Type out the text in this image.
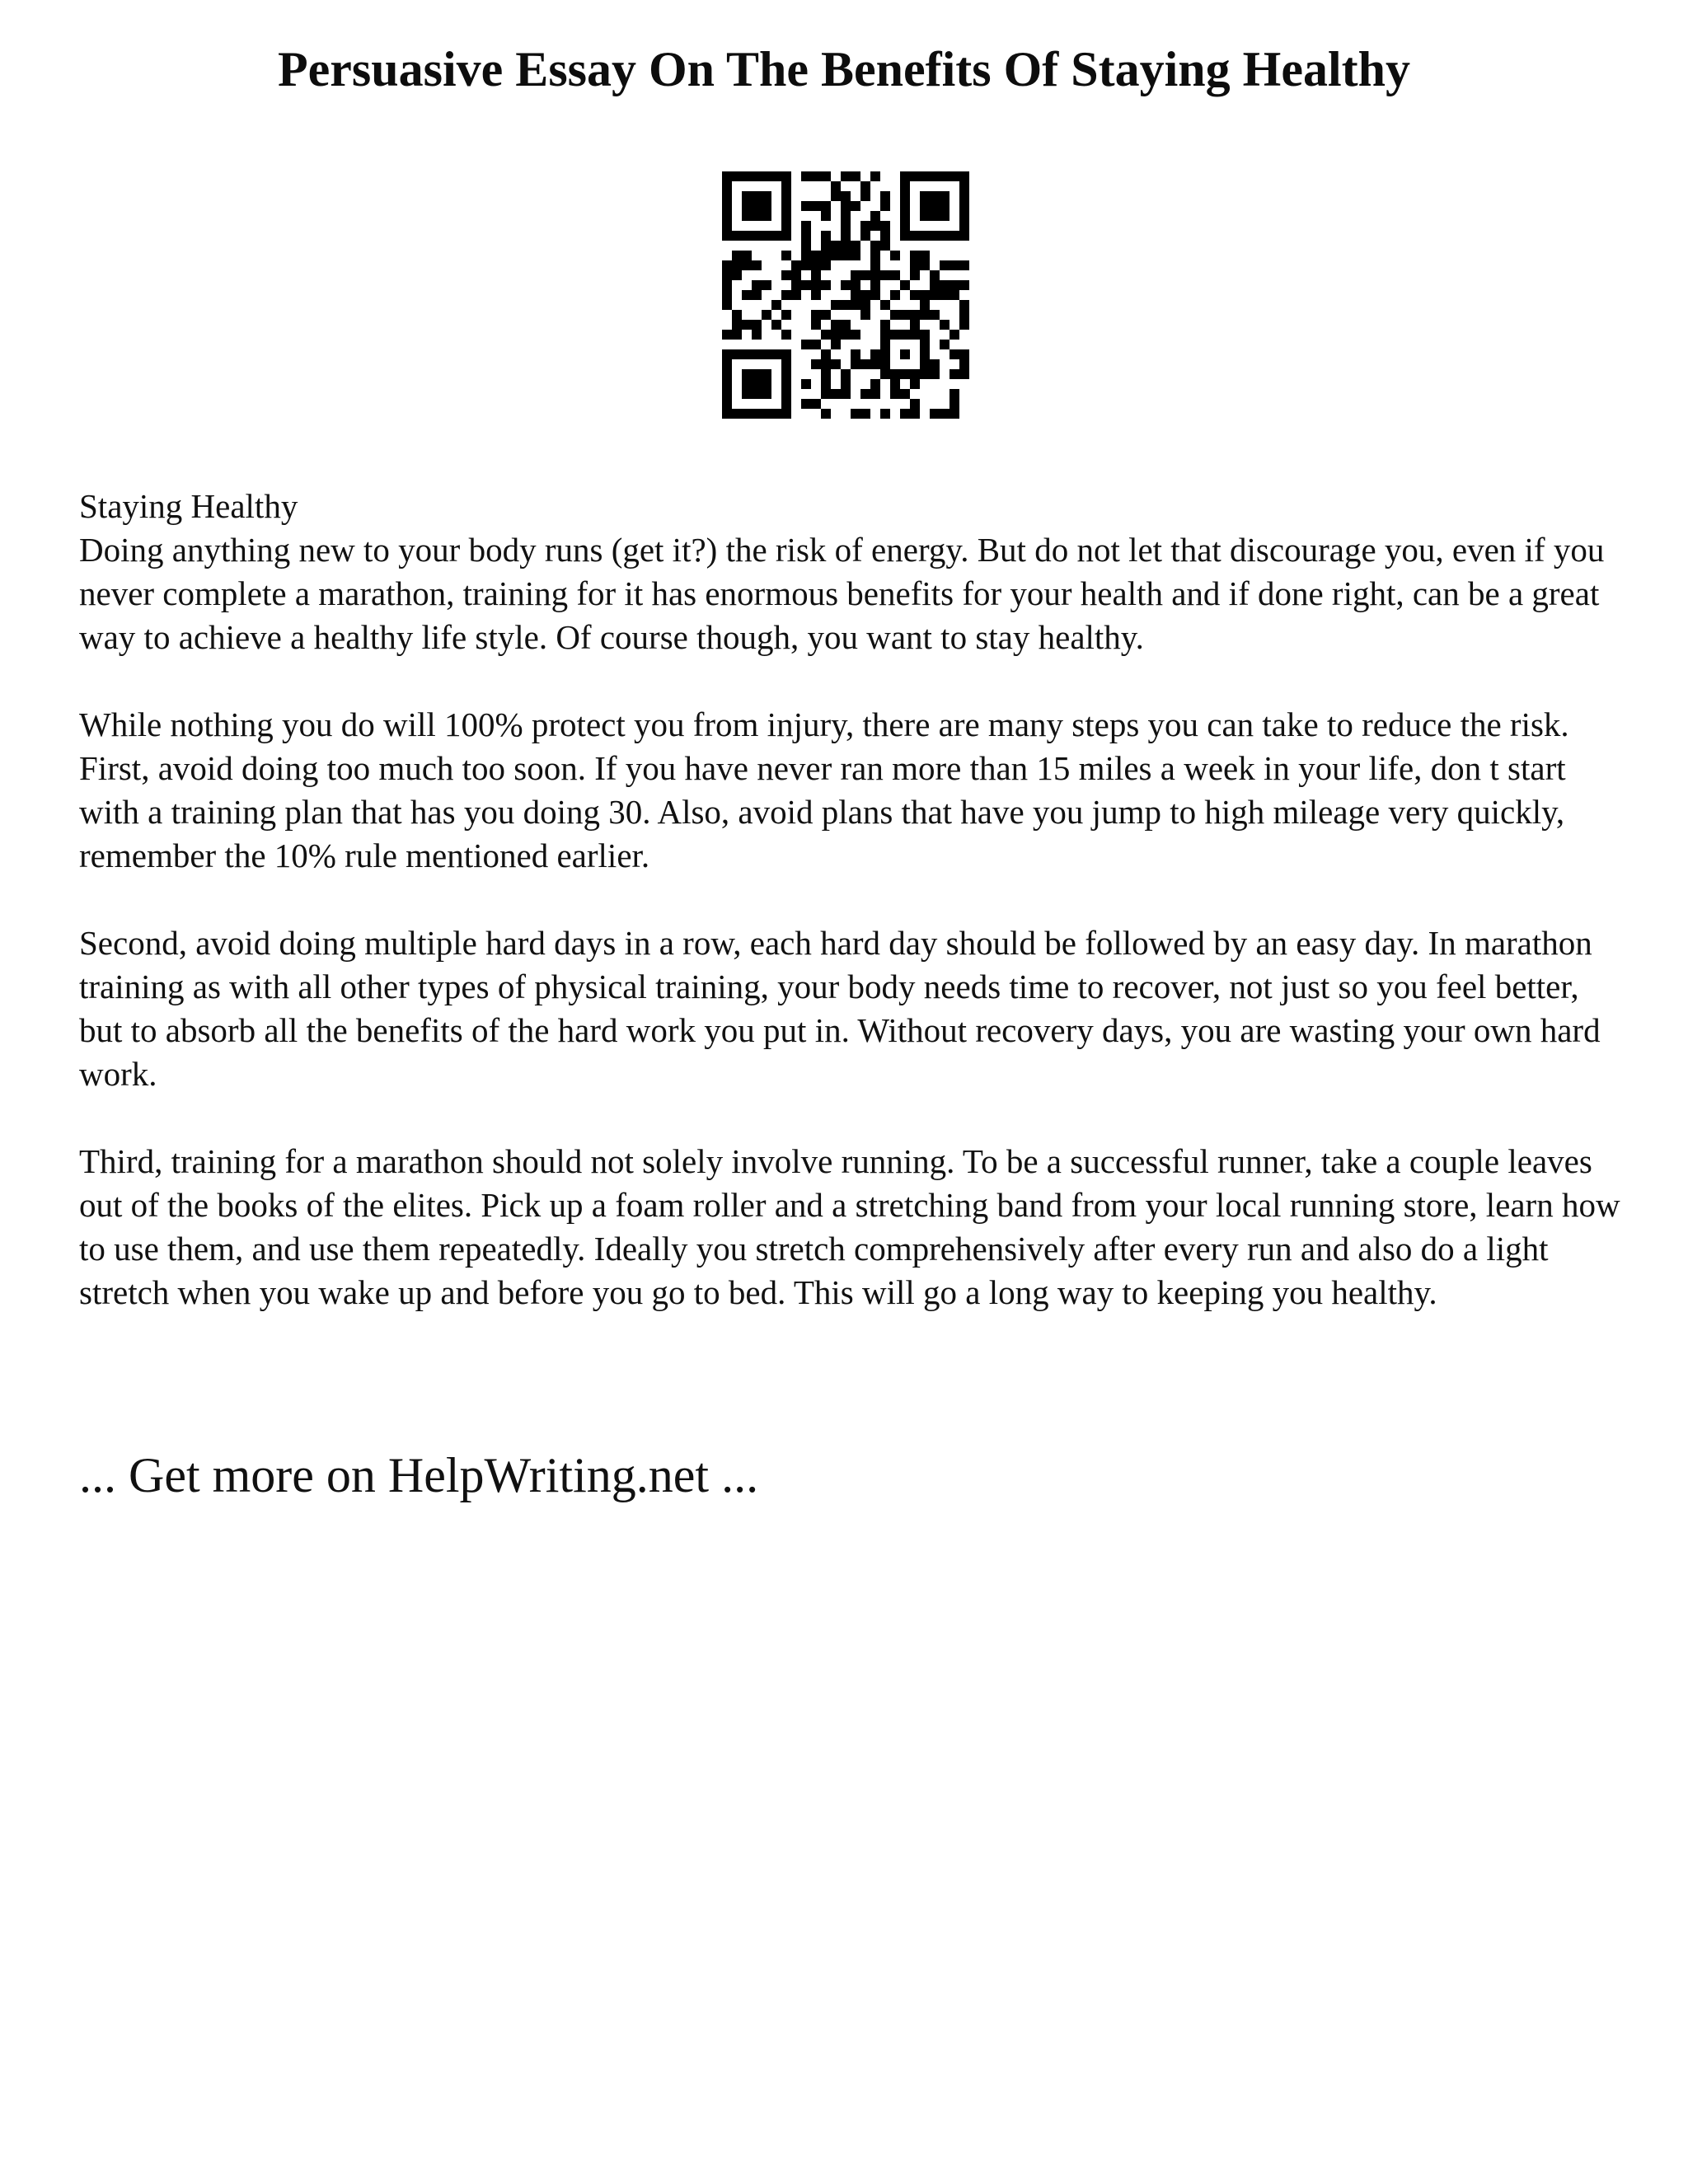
Persuasive Essay On The Benefits Of Staying Healthy

Staying Healthy

Doing anything new to your body runs (get it?) the risk of energy. But do not let that discourage you, even if you never complete a marathon, training for it has enormous benefits for your health and if done right, can be a great way to achieve a healthy life style. Of course though, you want to stay healthy.

While nothing you do will 100% protect you from injury, there are many steps you can take to reduce the risk. First, avoid doing too much too soon. If you have never ran more than 15 miles a week in your life, don t start with a training plan that has you doing 30. Also, avoid plans that have you jump to high mileage very quickly, remember the 10% rule mentioned earlier.

Second, avoid doing multiple hard days in a row, each hard day should be followed by an easy day. In marathon training as with all other types of physical training, your body needs time to recover, not just so you feel better, but to absorb all the benefits of the hard work you put in. Without recovery days, you are wasting your own hard work.

Third, training for a marathon should not solely involve running. To be a successful runner, take a couple leaves out of the books of the elites. Pick up a foam roller and a stretching band from your local running store, learn how to use them, and use them repeatedly. Ideally you stretch comprehensively after every run and also do a light stretch when you wake up and before you go to bed. This will go a long way to keeping you healthy.

... Get more on HelpWriting.net ...
